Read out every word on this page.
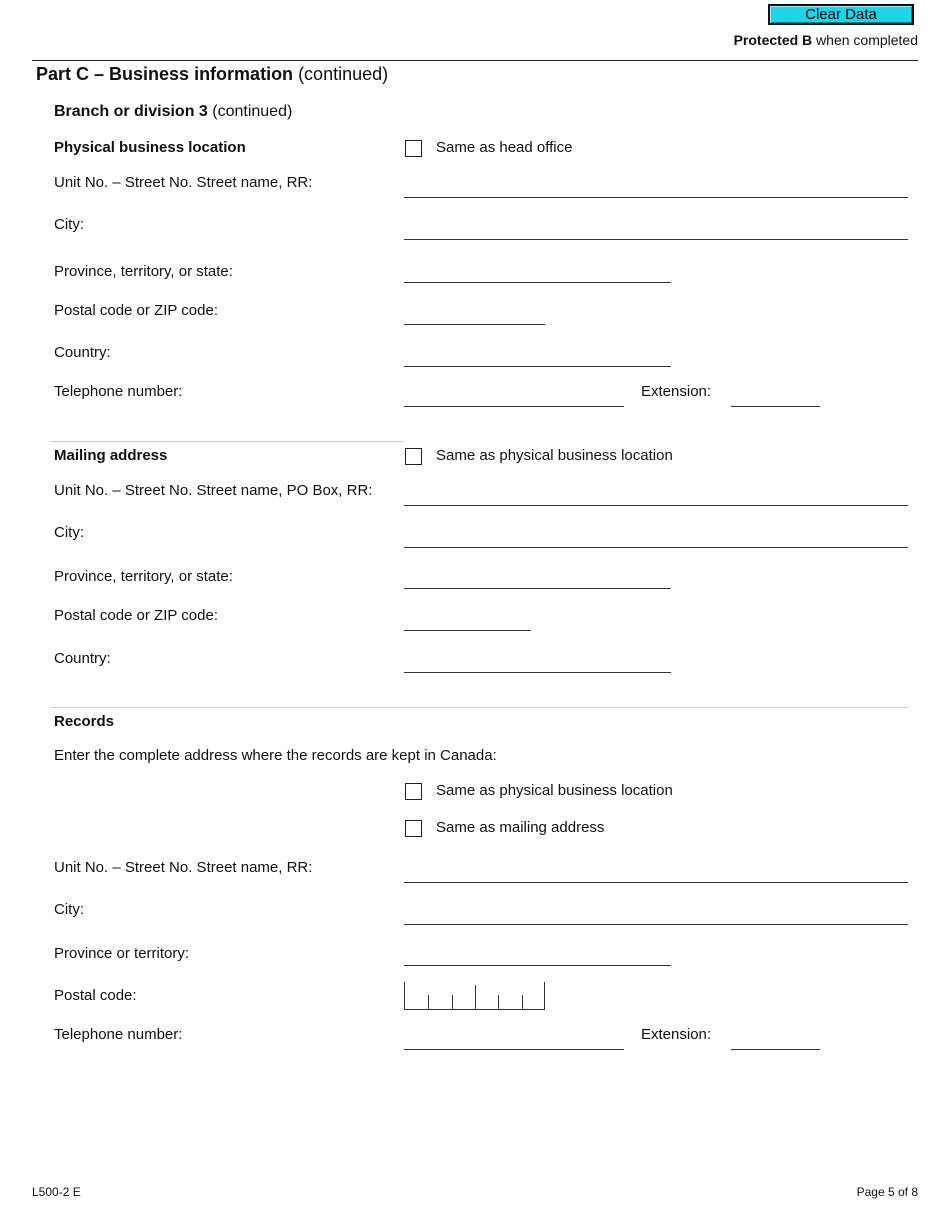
Clear Data
Protected B when completed
Part C – Business information (continued)
Branch or division 3 (continued)
Physical business location	Same as head office
Unit No. – Street No. Street name, RR:
City:
Province, territory, or state:
Postal code or ZIP code:
Country:
Telephone number:	Extension:
Mailing address	Same as physical business location
Unit No. – Street No. Street name, PO Box, RR:
City:
Province, territory, or state:
Postal code or ZIP code:
Country:
Records
Enter the complete address where the records are kept in Canada:
Same as physical business location
Same as mailing address
Unit No. – Street No. Street name, RR:
City:
Province or territory:
Postal code:
Telephone number:	Extension:
L500-2 E	Page 5 of 8
